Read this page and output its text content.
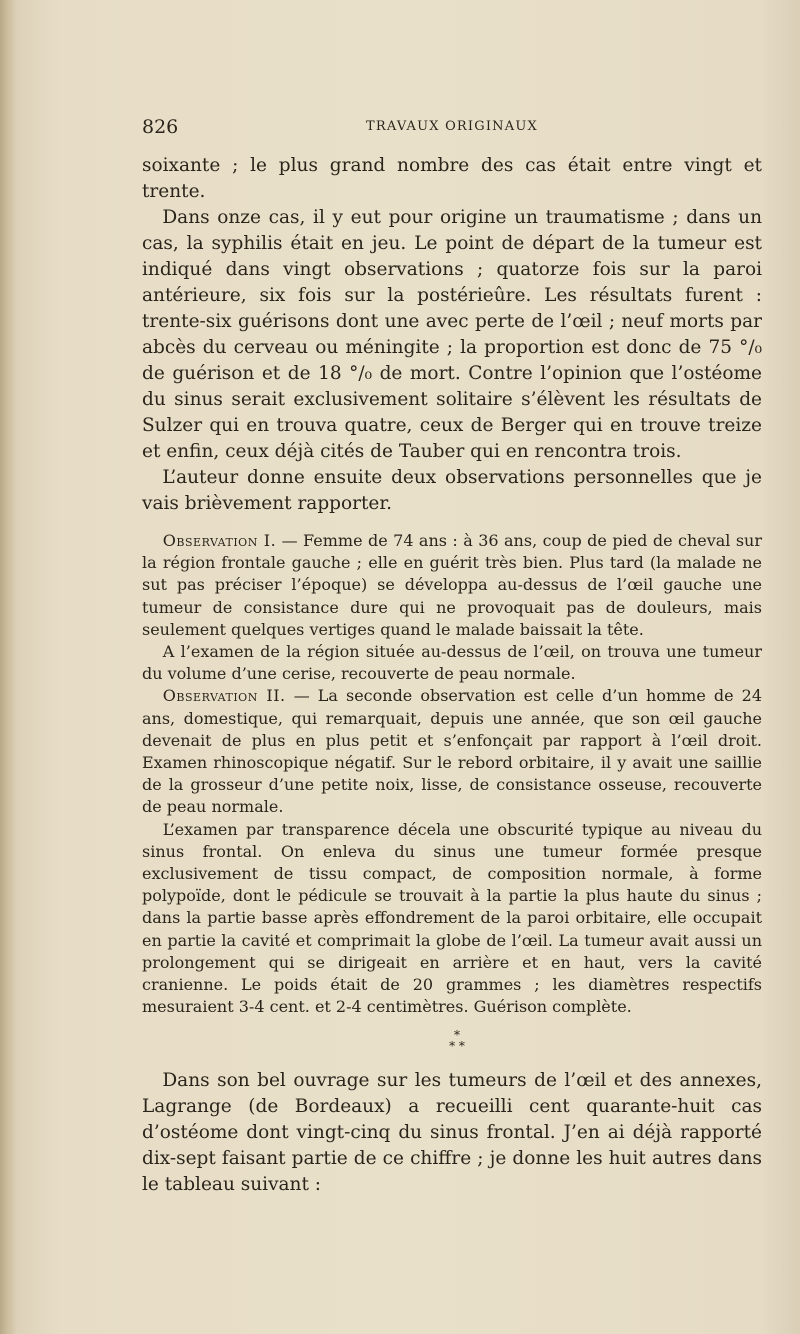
826	TRAVAUX ORIGINAUX

soixante ; le plus grand nombre des cas était entre vingt et trente.

Dans onze cas, il y eut pour origine un traumatisme ; dans un cas, la syphilis était en jeu. Le point de départ de la tumeur est indiqué dans vingt observations ; quatorze fois sur la paroi antérieure, six fois sur la postérieûre. Les résultats furent : trente-six guérisons dont une avec perte de l’œil ; neuf morts par abcès du cerveau ou méningite ; la proportion est donc de 75 °/₀ de guérison et de 18 °/₀ de mort. Contre l’opinion que l’ostéome du sinus serait exclusivement solitaire s’élèvent les résultats de Sulzer qui en trouva quatre, ceux de Berger qui en trouve treize et enfin, ceux déjà cités de Tauber qui en rencontra trois.

L’auteur donne ensuite deux observations personnelles que je vais brièvement rapporter.

Observation I. — Femme de 74 ans : à 36 ans, coup de pied de cheval sur la région frontale gauche ; elle en guérit très bien. Plus tard (la malade ne sut pas préciser l’époque) se développa au-dessus de l’œil gauche une tumeur de consistance dure qui ne provoquait pas de douleurs, mais seulement quelques vertiges quand le malade baissait la tête.

A l’examen de la région située au-dessus de l’œil, on trouva une tumeur du volume d’une cerise, recouverte de peau normale.

Observation II. — La seconde observation est celle d’un homme de 24 ans, domestique, qui remarquait, depuis une année, que son œil gauche devenait de plus en plus petit et s’enfonçait par rapport à l’œil droit. Examen rhinoscopique négatif. Sur le rebord orbitaire, il y avait une saillie de la grosseur d’une petite noix, lisse, de consistance osseuse, recouverte de peau normale.

L’examen par transparence décela une obscurité typique au niveau du sinus frontal. On enleva du sinus une tumeur formée presque exclusivement de tissu compact, de composition normale, à forme polypoïde, dont le pédicule se trouvait à la partie la plus haute du sinus ; dans la partie basse après effondrement de la paroi orbitaire, elle occupait en partie la cavité et comprimait la globe de l’œil. La tumeur avait aussi un prolongement qui se dirigeait en arrière et en haut, vers la cavité cranienne. Le poids était de 20 grammes ; les diamètres respectifs mesuraient 3-4 cent. et 2-4 centimètres. Guérison complète.

*
* *

Dans son bel ouvrage sur les tumeurs de l’œil et des annexes, Lagrange (de Bordeaux) a recueilli cent quarante-huit cas d’ostéome dont vingt-cinq du sinus frontal. J’en ai déjà rapporté dix-sept faisant partie de ce chiffre ; je donne les huit autres dans le tableau suivant :
